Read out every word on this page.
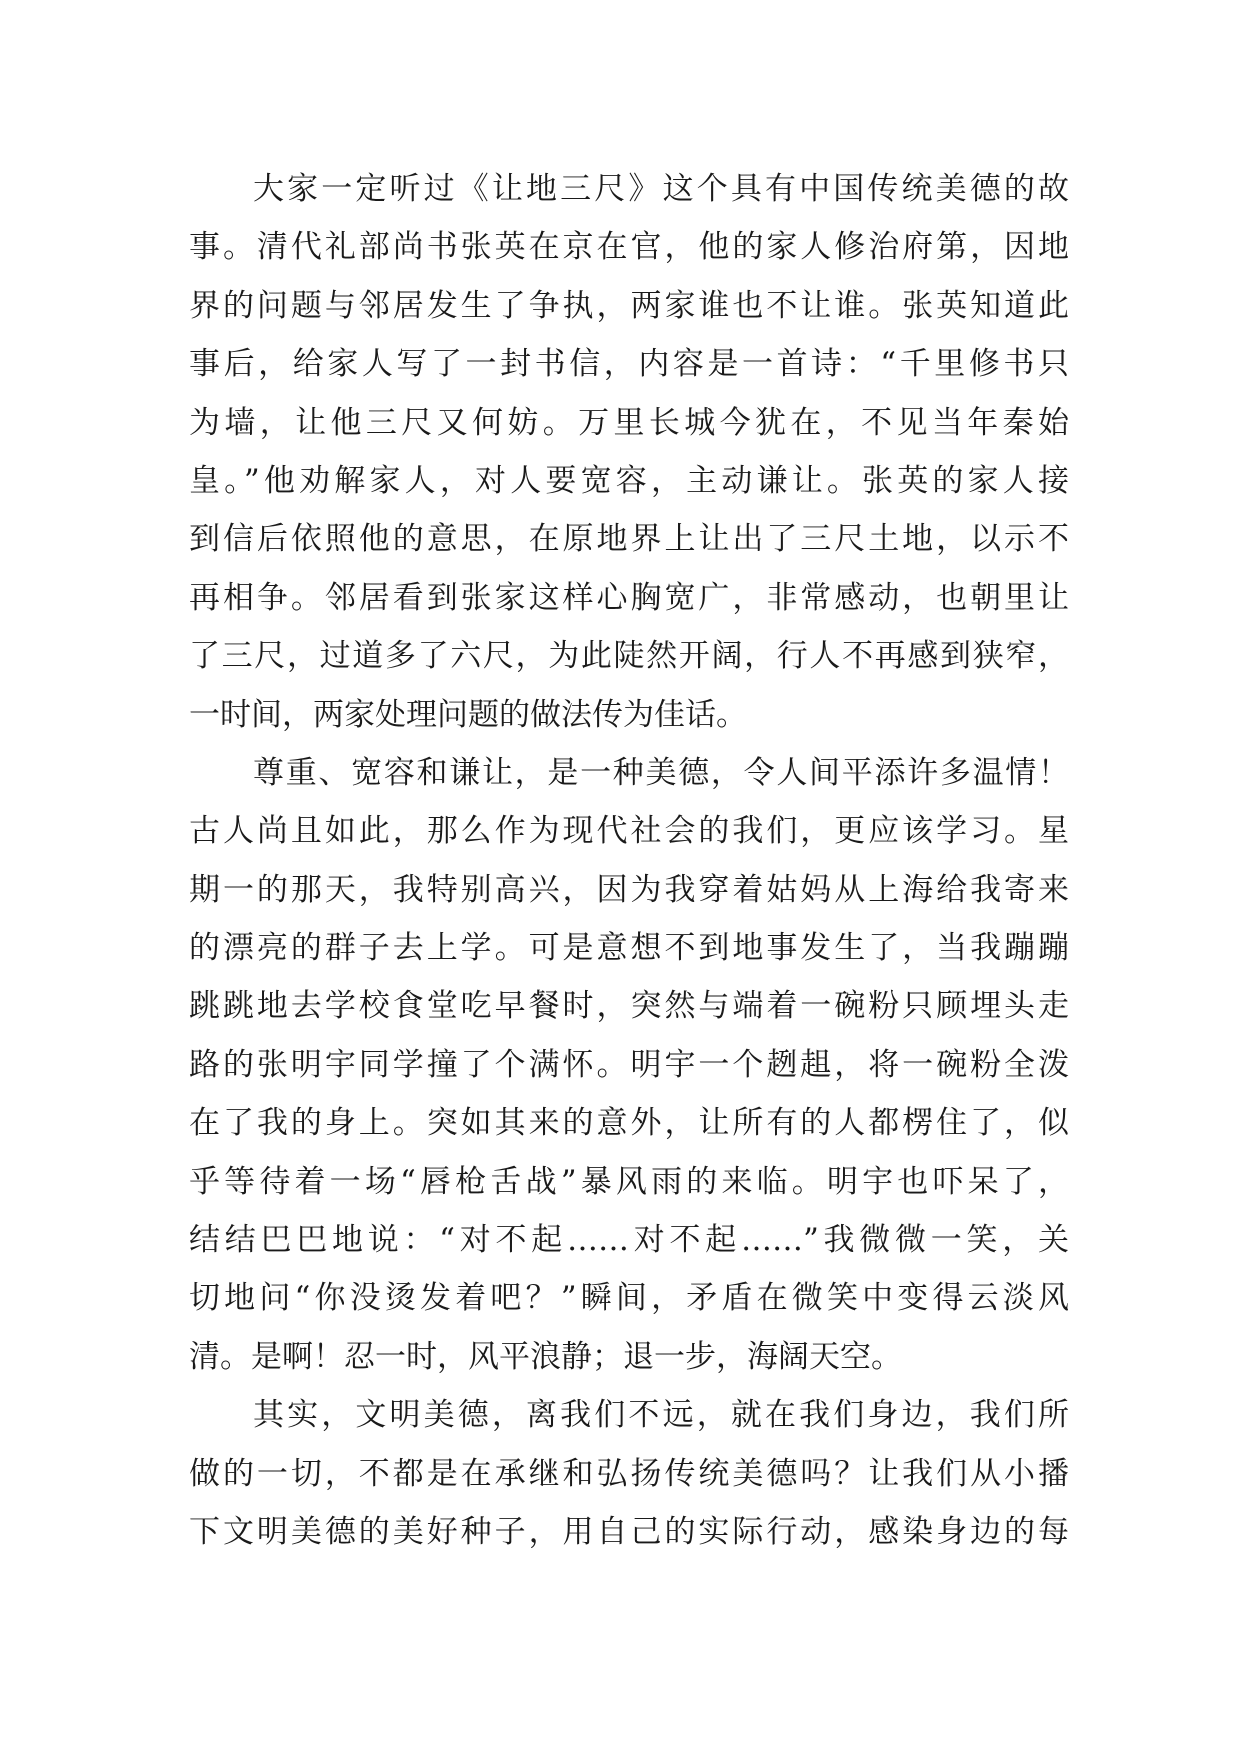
大家一定听过《让地三尺》这个具有中国传统美德的故
事。清代礼部尚书张英在京在官，他的家人修治府第，因地
界的问题与邻居发生了争执，两家谁也不让谁。张英知道此
事后，给家人写了一封书信，内容是一首诗：“千里修书只
为墙，让他三尺又何妨。万里长城今犹在，不见当年秦始
皇。”他劝解家人，对人要宽容，主动谦让。张英的家人接
到信后依照他的意思，在原地界上让出了三尺土地，以示不
再相争。邻居看到张家这样心胸宽广，非常感动，也朝里让
了三尺，过道多了六尺，为此陡然开阔，行人不再感到狭窄，
一时间，两家处理问题的做法传为佳话。
尊重、宽容和谦让，是一种美德，令人间平添许多温情！
古人尚且如此，那么作为现代社会的我们，更应该学习。星
期一的那天，我特别高兴，因为我穿着姑妈从上海给我寄来
的漂亮的群子去上学。可是意想不到地事发生了，当我蹦蹦
跳跳地去学校食堂吃早餐时，突然与端着一碗粉只顾埋头走
路的张明宇同学撞了个满怀。明宇一个趔趄，将一碗粉全泼
在了我的身上。突如其来的意外，让所有的人都楞住了，似
乎等待着一场“唇枪舌战”暴风雨的来临。明宇也吓呆了，
结结巴巴地说：“对不起……对不起……”我微微一笑，关
切地问“你没烫发着吧？”瞬间，矛盾在微笑中变得云淡风
清。是啊！忍一时，风平浪静；退一步，海阔天空。
其实，文明美德，离我们不远，就在我们身边，我们所
做的一切，不都是在承继和弘扬传统美德吗？让我们从小播
下文明美德的美好种子，用自己的实际行动，感染身边的每
